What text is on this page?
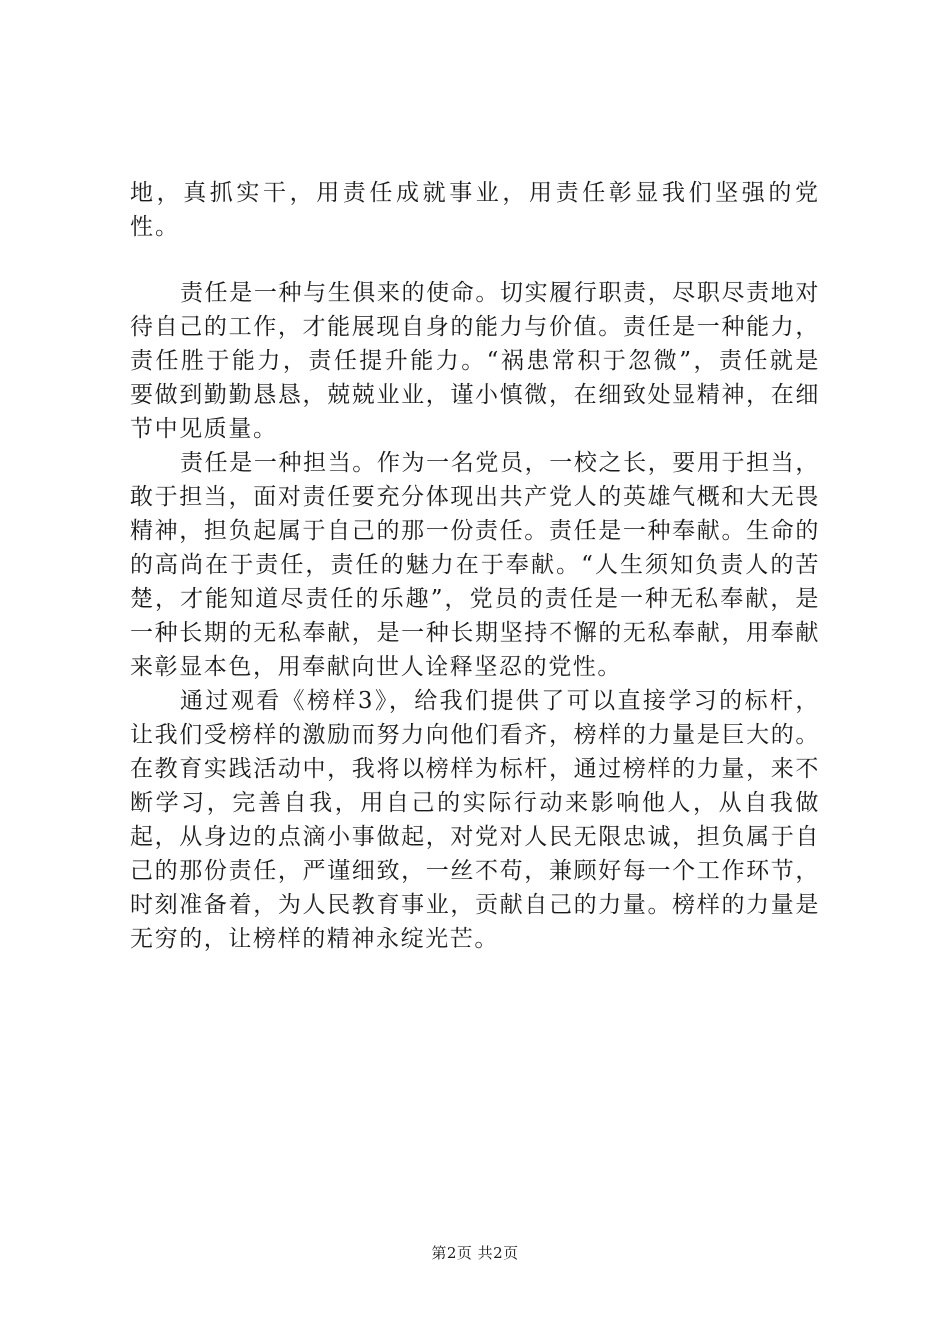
地，真抓实干，用责任成就事业，用责任彰显我们坚强的党性。

责任是一种与生俱来的使命。切实履行职责，尽职尽责地对待自己的工作，才能展现自身的能力与价值。责任是一种能力，责任胜于能力，责任提升能力。“祸患常积于忽微”，责任就是要做到勤勤恳恳，兢兢业业，谨小慎微，在细致处显精神，在细节中见质量。

责任是一种担当。作为一名党员，一校之长，要用于担当，敢于担当，面对责任要充分体现出共产党人的英雄气概和大无畏精神，担负起属于自己的那一份责任。责任是一种奉献。生命的的高尚在于责任，责任的魅力在于奉献。“人生须知负责人的苦楚，才能知道尽责任的乐趣”，党员的责任是一种无私奉献，是一种长期的无私奉献，是一种长期坚持不懈的无私奉献，用奉献来彰显本色，用奉献向世人诠释坚忍的党性。

通过观看《榜样3》，给我们提供了可以直接学习的标杆，让我们受榜样的激励而努力向他们看齐，榜样的力量是巨大的。在教育实践活动中，我将以榜样为标杆，通过榜样的力量，来不断学习，完善自我，用自己的实际行动来影响他人，从自我做起，从身边的点滴小事做起，对党对人民无限忠诚，担负属于自己的那份责任，严谨细致，一丝不苟，兼顾好每一个工作环节，时刻准备着，为人民教育事业，贡献自己的力量。榜样的力量是无穷的，让榜样的精神永绽光芒。

第2页 共2页
